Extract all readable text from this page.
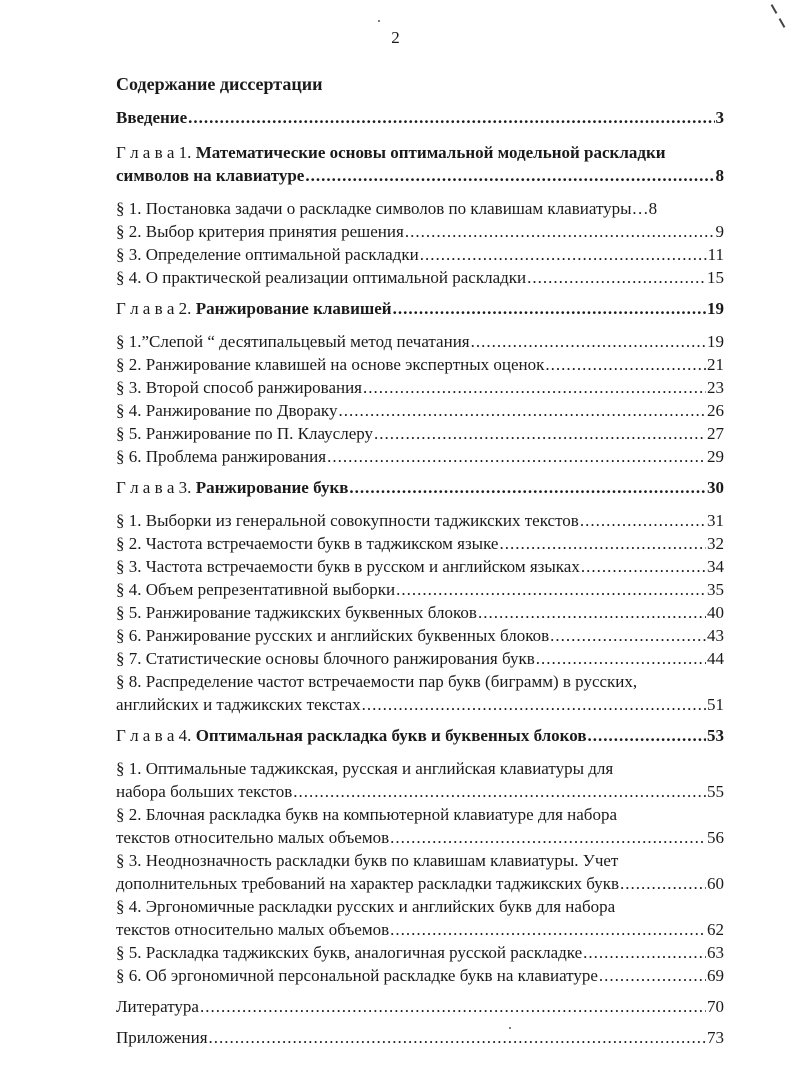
2
Содержание диссертации
Введение .....	3
Г л а в а 1. Математические основы оптимальной модельной раскладки
символов на клавиатуре .....	8
§ 1. Постановка задачи о раскладке символов по клавишам клавиатуры… 8
§ 2. Выбор критерия принятия решения .....	9
§ 3. Определение оптимальной раскладки .....	11
§ 4. О практической реализации оптимальной раскладки .....	15
Г л а в а 2. Ранжирование клавишей .....	19
§ 1.”Слепой “ десятипальцевый метод печатания .....	19
§ 2. Ранжирование клавишей на основе экспертных оценок .....	21
§ 3. Второй способ ранжирования .....	23
§ 4. Ранжирование по Двораку .....	26
§ 5. Ранжирование по П. Клауслеру .....	27
§ 6. Проблема ранжирования .....	29
Г л а в а 3. Ранжирование букв .....	30
§ 1. Выборки из генеральной совокупности таджикских текстов .....	31
§ 2. Частота встречаемости букв в таджикском языке .....	32
§ 3. Частота встречаемости букв в русском и английском языках .....	34
§ 4. Объем репрезентативной выборки .....	35
§ 5. Ранжирование таджикских буквенных блоков .....	40
§ 6. Ранжирование русских и английских буквенных блоков .....	43
§ 7. Статистические основы блочного ранжирования букв .....	44
§ 8. Распределение частот встречаемости пар букв (биграмм) в русских,
английских и таджикских текстах .....	51
Г л а в а 4. Оптимальная раскладка букв и буквенных блоков .....	53
§ 1. Оптимальные таджикская, русская и английская клавиатуры для
набора больших текстов .....	55
§ 2. Блочная раскладка букв на компьютерной клавиатуре для набора
текстов относительно малых объемов .....	56
§ 3. Неоднозначность раскладки букв по клавишам клавиатуры. Учет
дополнительных требований на характер раскладки таджикских букв .....	60
§ 4. Эргономичные раскладки русских и английских букв для набора
текстов относительно малых объемов .....	62
§ 5. Раскладка таджикских букв, аналогичная русской раскладке .....	63
§ 6. Об эргономичной персональной раскладке букв на клавиатуре .....	69
Литература .....	70
Приложения .....	73
